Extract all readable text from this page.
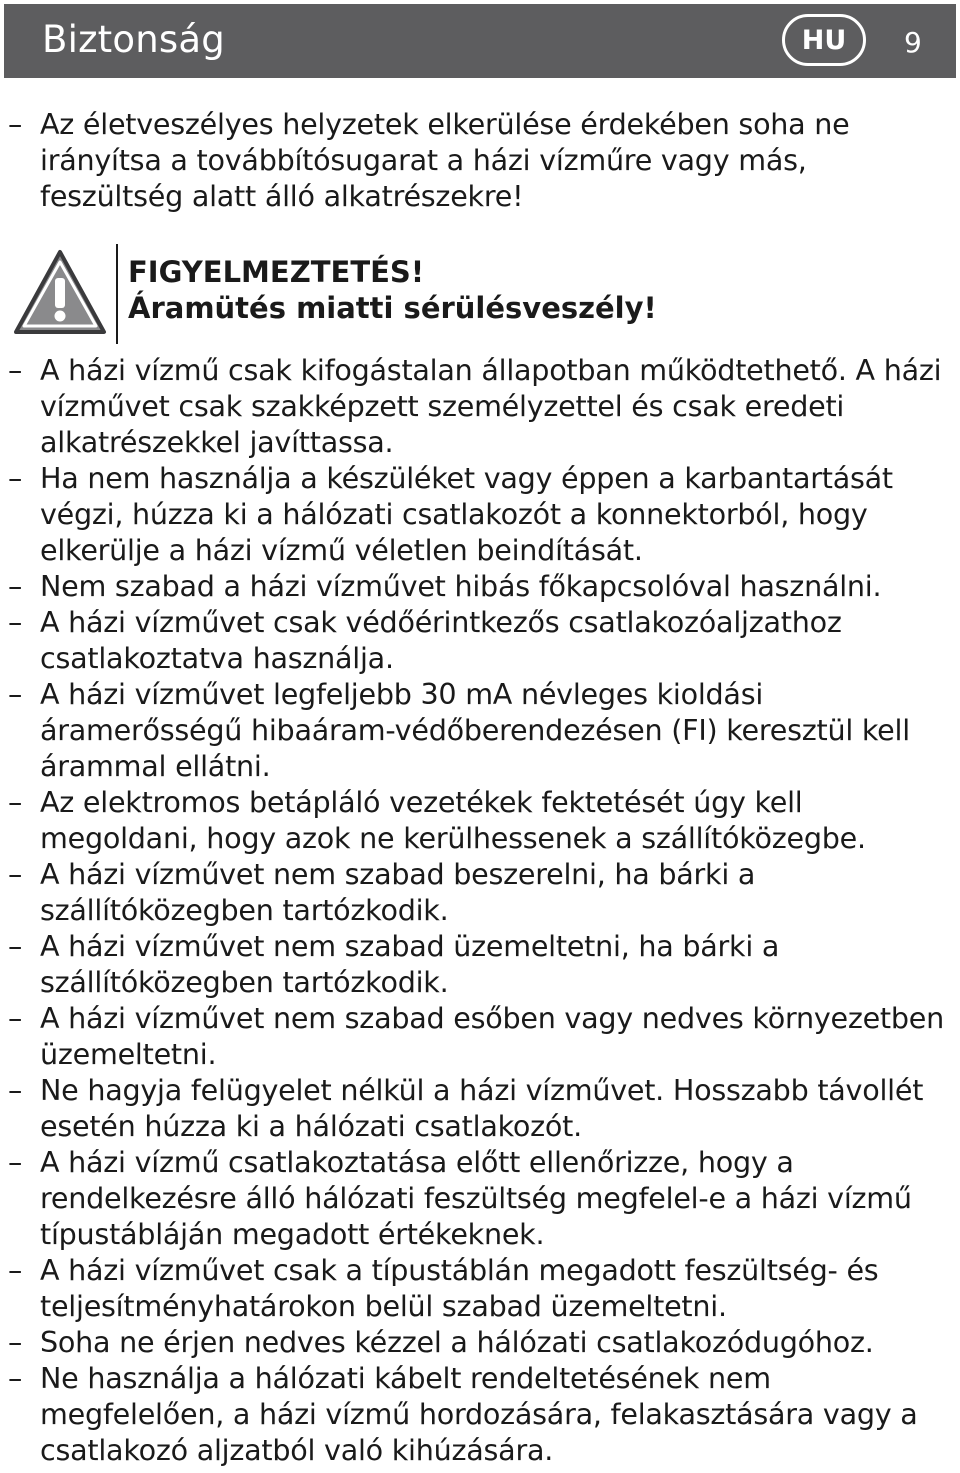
Biztonság	HU	9
– Az életveszélyes helyzetek elkerülése érdekében soha ne irányítsa a továbbítósugarat a házi vízműre vagy más, feszültség alatt álló alkatrészekre!
FIGYELMEZTETÉS!
Áramütés miatti sérülésveszély!
– A házi vízmű csak kifogástalan állapotban működtethető. A házi vízművet csak szakképzett személyzettel és csak eredeti alkatrészekkel javíttassa.
– Ha nem használja a készüléket vagy éppen a karbantartását végzi, húzza ki a hálózati csatlakozót a konnektorból, hogy elkerülje a házi vízmű véletlen beindítását.
– Nem szabad a házi vízművet hibás főkapcsolóval használni.
– A házi vízművet csak védőérintkezős csatlakozóaljzathoz csatlakoztatva használja.
– A házi vízművet legfeljebb 30 mA névleges kioldási áramerősségű hibaáram-védőberendezésen (FI) keresztül kell árammal ellátni.
– Az elektromos betápláló vezetékek fektetését úgy kell megoldani, hogy azok ne kerülhessenek a szállítóközegbe.
– A házi vízművet nem szabad beszerelni, ha bárki a szállítóközegben tartózkodik.
– A házi vízművet nem szabad üzemeltetni, ha bárki a szállítóközegben tartózkodik.
– A házi vízművet nem szabad esőben vagy nedves környezetben üzemeltetni.
– Ne hagyja felügyelet nélkül a házi vízművet. Hosszabb távollét esetén húzza ki a hálózati csatlakozót.
– A házi vízmű csatlakoztatása előtt ellenőrizze, hogy a rendelkezésre álló hálózati feszültség megfelel-e a házi vízmű típustábláján megadott értékeknek.
– A házi vízművet csak a típustáblán megadott feszültség- és teljesítményhatárokon belül szabad üzemeltetni.
– Soha ne érjen nedves kézzel a hálózati csatlakozódugóhoz.
– Ne használja a hálózati kábelt rendeltetésének nem megfelelően, a házi vízmű hordozására, felakasztására vagy a csatlakozó aljzatból való kihúzására.
